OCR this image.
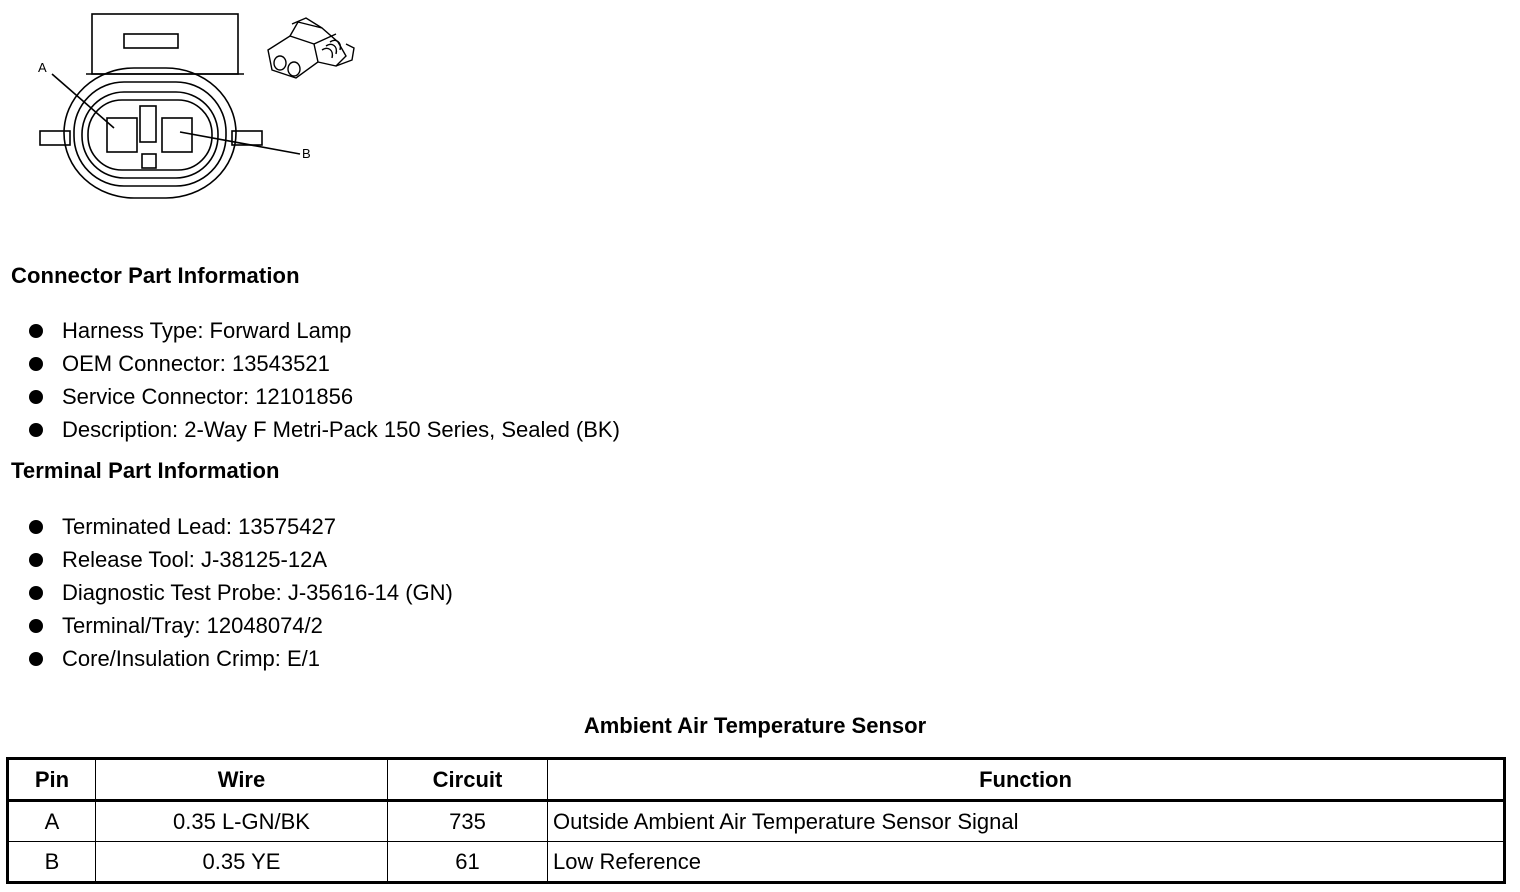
A
B
Connector Part Information
Harness Type: Forward Lamp
OEM Connector: 13543521
Service Connector: 12101856
Description: 2-Way F Metri-Pack 150 Series, Sealed (BK)
Terminal Part Information
Terminated Lead: 13575427
Release Tool: J-38125-12A
Diagnostic Test Probe: J-35616-14 (GN)
Terminal/Tray: 12048074/2
Core/Insulation Crimp: E/1
Ambient Air Temperature Sensor
Pin	Wire	Circuit	Function
A	0.35 L-GN/BK	735	Outside Ambient Air Temperature Sensor Signal
B	0.35 YE	61	Low Reference
